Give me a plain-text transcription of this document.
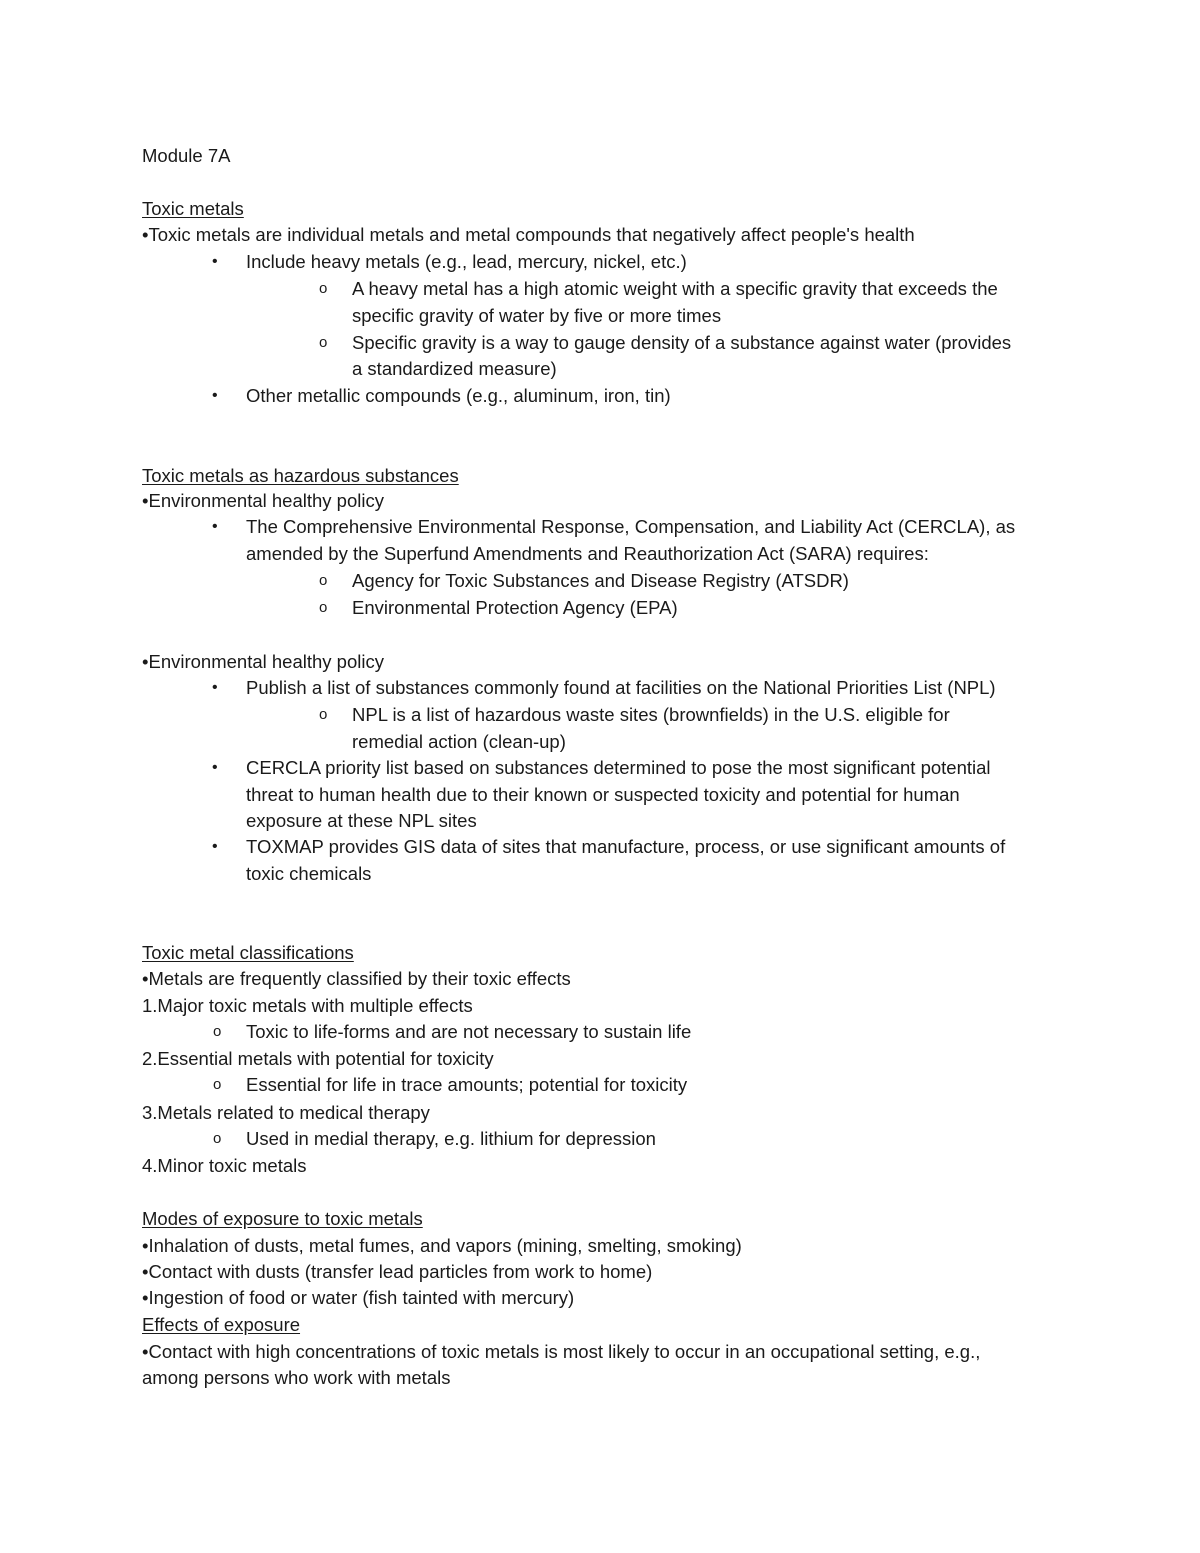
Module 7A
Toxic metals
•Toxic metals are individual metals and metal compounds that negatively affect people's health
• Include heavy metals (e.g., lead, mercury, nickel, etc.)
o A heavy metal has a high atomic weight with a specific gravity that exceeds the
specific gravity of water by five or more times
o Specific gravity is a way to gauge density of a substance against water (provides
a standardized measure)
• Other metallic compounds (e.g., aluminum, iron, tin)
Toxic metals as hazardous substances
•Environmental healthy policy
• The Comprehensive Environmental Response, Compensation, and Liability Act (CERCLA), as
amended by the Superfund Amendments and Reauthorization Act (SARA) requires:
o Agency for Toxic Substances and Disease Registry (ATSDR)
o Environmental Protection Agency (EPA)
•Environmental healthy policy
• Publish a list of substances commonly found at facilities on the National Priorities List (NPL)
o NPL is a list of hazardous waste sites (brownfields) in the U.S. eligible for
remedial action (clean-up)
• CERCLA priority list based on substances determined to pose the most significant potential
threat to human health due to their known or suspected toxicity and potential for human
exposure at these NPL sites
• TOXMAP provides GIS data of sites that manufacture, process, or use significant amounts of
toxic chemicals
Toxic metal classifications
•Metals are frequently classified by their toxic effects
1.Major toxic metals with multiple effects
o Toxic to life-forms and are not necessary to sustain life
2.Essential metals with potential for toxicity
o Essential for life in trace amounts; potential for toxicity
3.Metals related to medical therapy
o Used in medial therapy, e.g. lithium for depression
4.Minor toxic metals
Modes of exposure to toxic metals
•Inhalation of dusts, metal fumes, and vapors (mining, smelting, smoking)
•Contact with dusts (transfer lead particles from work to home)
•Ingestion of food or water (fish tainted with mercury)
Effects of exposure
•Contact with high concentrations of toxic metals is most likely to occur in an occupational setting, e.g.,
among persons who work with metals
